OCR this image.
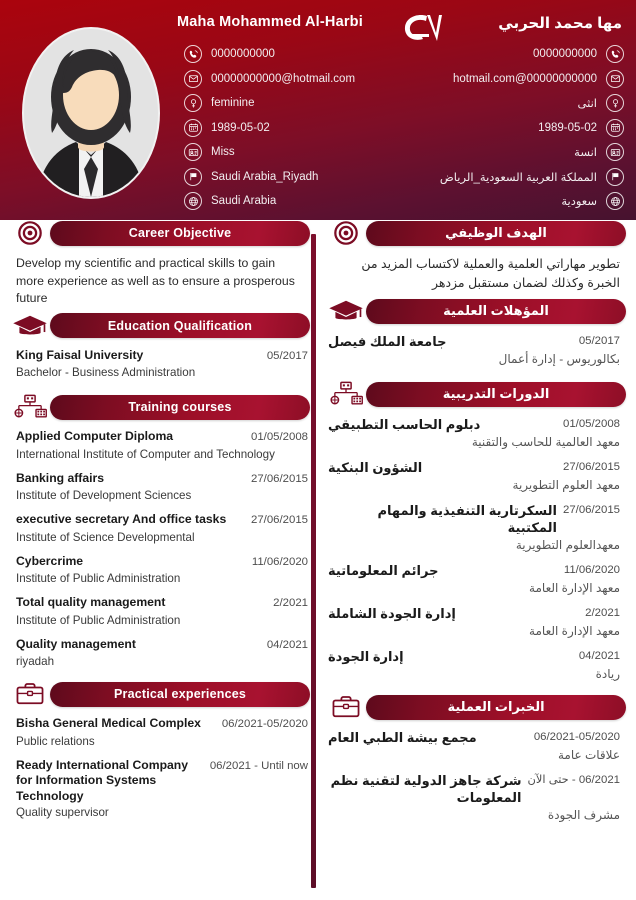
Maha Mohammed Al-Harbi	مها محمد الحربي
0000000000
00000000000@hotmail.com
feminine
1989-05-02
Miss
Saudi Arabia_Riyadh
Saudi Arabia
0000000000
00000000000@hotmail.com
انثى
1989-05-02
انسة
المملكة العربية السعودية_الرياض
سعودية
Career Objective
Develop my scientific and practical skills to gain more experience as well as to ensure a prosperous future
Education Qualification
King Faisal University	05/2017
Bachelor - Business Administration
Training courses
Applied Computer Diploma	01/05/2008
International Institute of Computer and Technology
Banking affairs	27/06/2015
Institute of Development Sciences
executive secretary And office tasks 27/06/2015
Institute of Science Developmental
Cybercrime	11/06/2020
Institute of Public Administration
Total quality management	2/2021
Institute of Public Administration
Quality management	04/2021
riyadah
Practical experiences
Bisha General Medical Complex 06/2021-05/2020
Public relations
Ready International Company for Information Systems Technology
06/2021 - Until now
Quality supervisor
الهدف الوظيفي
تطوير مهاراتي العلمية والعملية لاكتساب المزيد من الخبرة وكذلك لضمان مستقبل مزدهر
المؤهلات العلمية
جامعة الملك فيصل	05/2017
بكالوريوس - إدارة أعمال
الدورات التدريبية
دبلوم الحاسب التطبيقي	01/05/2008
معهد العالمية للحاسب والتقنية
الشؤون البنكية	27/06/2015
معهد العلوم التطويرية
السكرتارية التنفيذية والمهام المكتبية
27/06/2015
معهدالعلوم التطويرية
جرائم المعلوماتية	11/06/2020
معهد الإدارة العامة
إدارة الجودة الشاملة	2/2021
معهد الإدارة العامة
إدارة الجودة	04/2021
ريادة
الخبرات العملية
مجمع بيشة الطبي العام	06/2021-05/2020
علاقات عامة
شركة جاهز الدولية لتقنية نظم المعلومات
06/2021 - حتى الآن
مشرف الجودة
